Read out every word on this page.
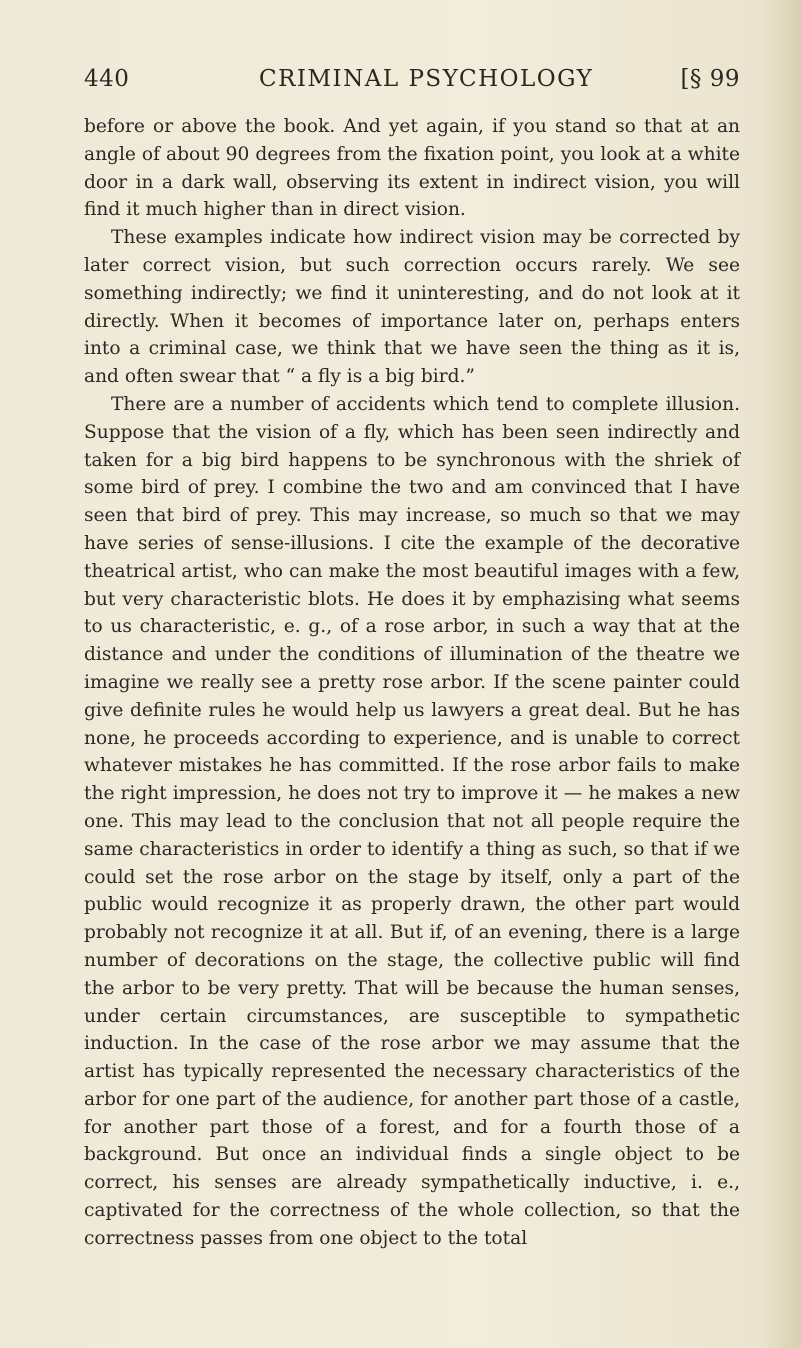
440	CRIMINAL PSYCHOLOGY	[§ 99

before or above the book. And yet again, if you stand so that at an angle of about 90 degrees from the fixation point, you look at a white door in a dark wall, observing its extent in indirect vision, you will find it much higher than in direct vision.

These examples indicate how indirect vision may be corrected by later correct vision, but such correction occurs rarely. We see something indirectly; we find it uninteresting, and do not look at it directly. When it becomes of importance later on, perhaps enters into a criminal case, we think that we have seen the thing as it is, and often swear that “ a fly is a big bird.”

There are a number of accidents which tend to complete illusion. Suppose that the vision of a fly, which has been seen indirectly and taken for a big bird happens to be synchronous with the shriek of some bird of prey. I combine the two and am convinced that I have seen that bird of prey. This may increase, so much so that we may have series of sense-illusions. I cite the example of the decorative theatrical artist, who can make the most beautiful images with a few, but very characteristic blots. He does it by emphazising what seems to us characteristic, e. g., of a rose arbor, in such a way that at the distance and under the conditions of illumination of the theatre we imagine we really see a pretty rose arbor. If the scene painter could give definite rules he would help us lawyers a great deal. But he has none, he proceeds according to experience, and is unable to correct whatever mistakes he has committed. If the rose arbor fails to make the right impression, he does not try to improve it — he makes a new one. This may lead to the conclusion that not all people require the same characteristics in order to identify a thing as such, so that if we could set the rose arbor on the stage by itself, only a part of the public would recognize it as properly drawn, the other part would probably not recognize it at all. But if, of an evening, there is a large number of decorations on the stage, the collective public will find the arbor to be very pretty. That will be because the human senses, under certain circumstances, are susceptible to sympathetic induction. In the case of the rose arbor we may assume that the artist has typically represented the necessary characteristics of the arbor for one part of the audience, for another part those of a castle, for another part those of a forest, and for a fourth those of a background. But once an individual finds a single object to be correct, his senses are already sympathetically inductive, i. e., captivated for the correctness of the whole collection, so that the correctness passes from one object to the total
